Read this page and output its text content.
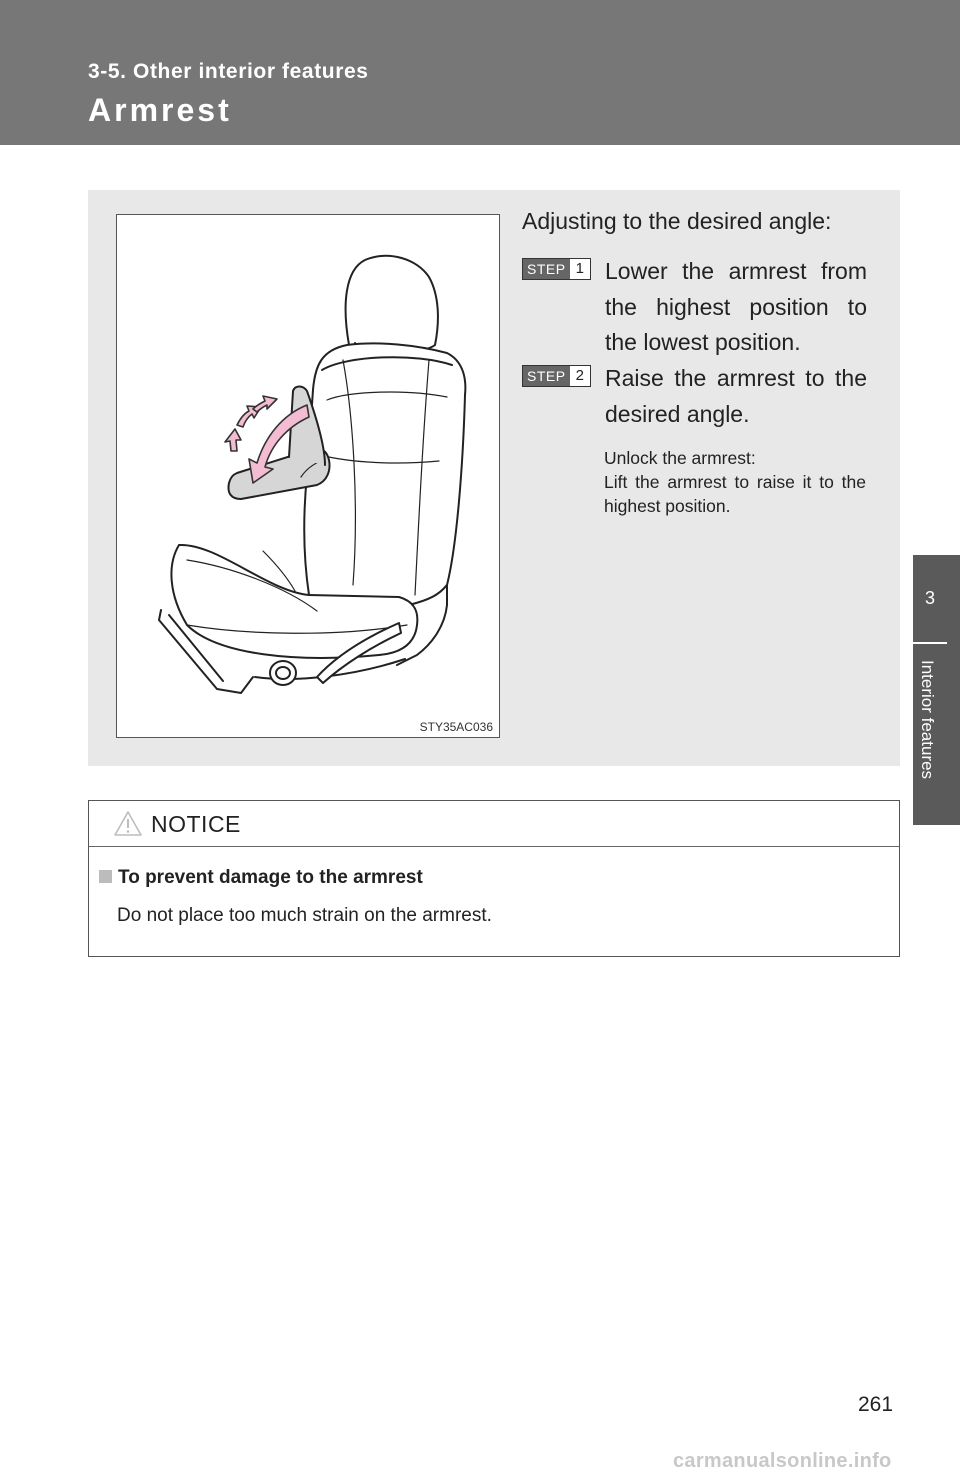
3-5. Other interior features
Armrest
3
Interior features
STY35AC036
Adjusting to the desired angle:
STEP 1 Lower the armrest from the highest position to the lowest position.
STEP 2 Raise the armrest to the desired angle.
Unlock the armrest:
Lift the armrest to raise it to the highest position.
NOTICE
To prevent damage to the armrest
Do not place too much strain on the armrest.
261
carmanualsonline.info
